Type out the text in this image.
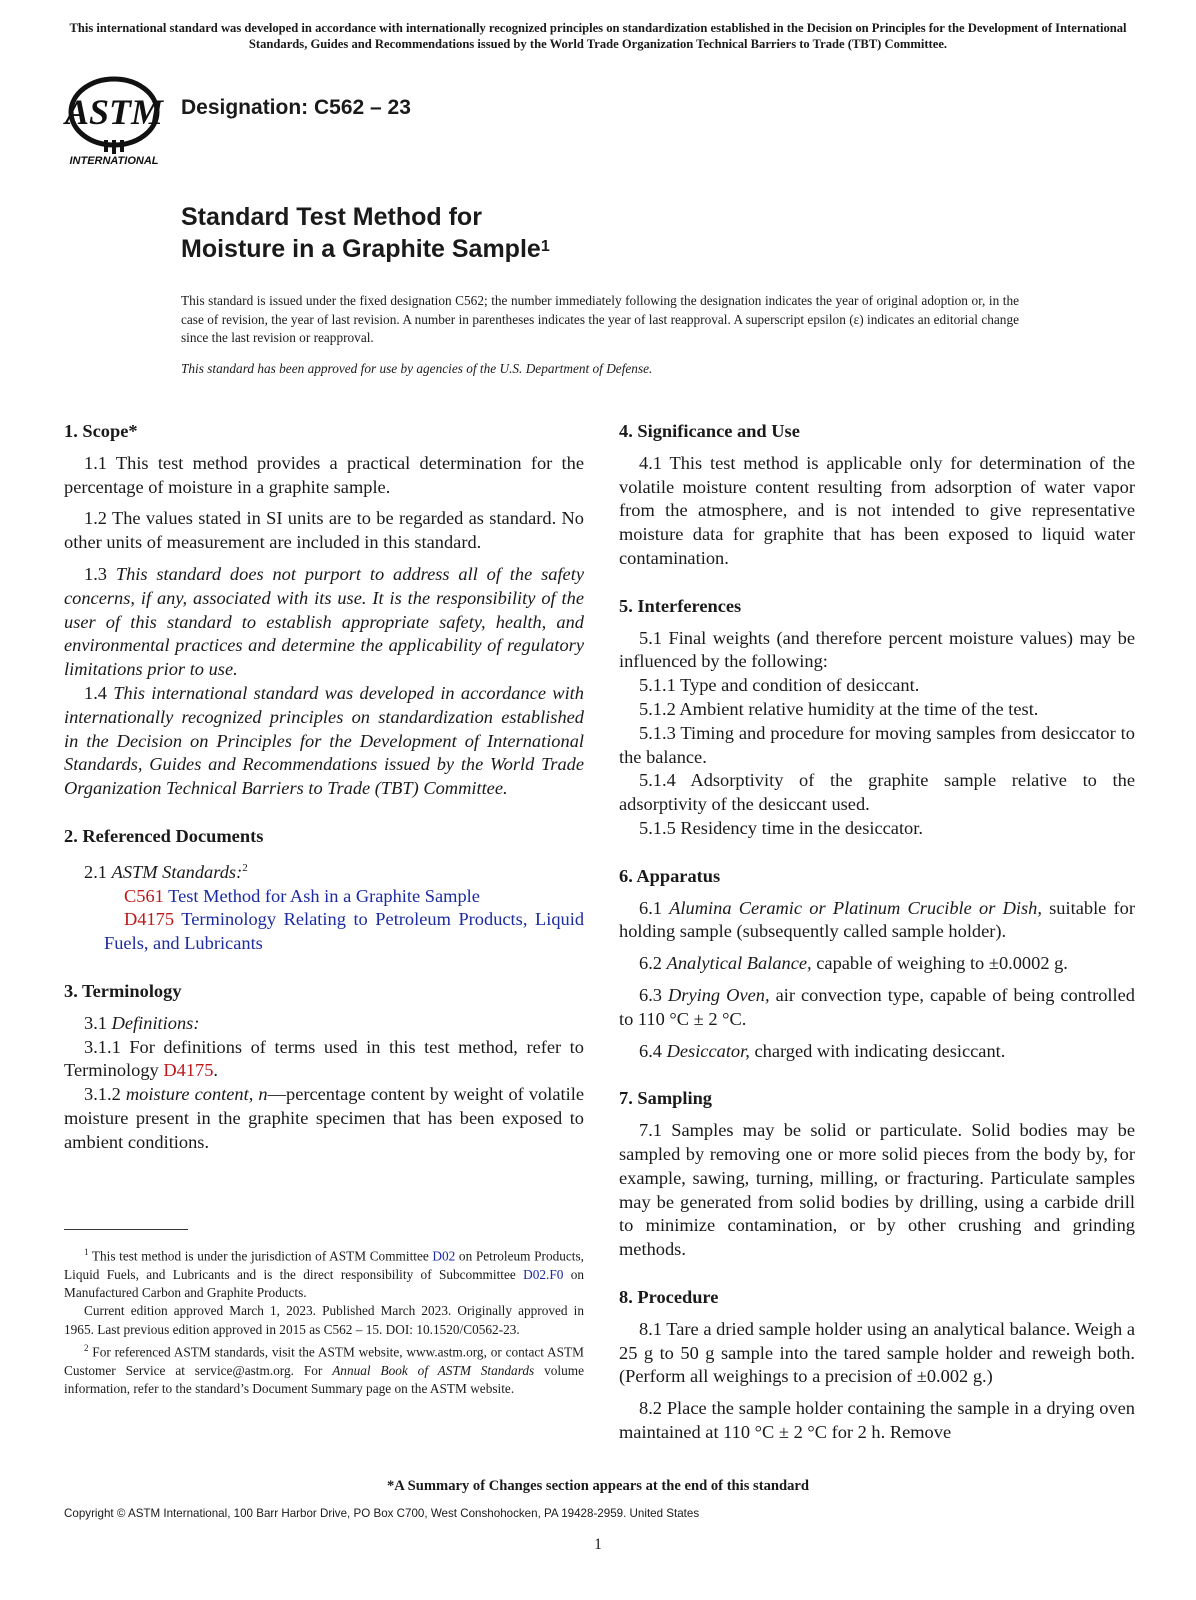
This international standard was developed in accordance with internationally recognized principles on standardization established in the Decision on Principles for the Development of International Standards, Guides and Recommendations issued by the World Trade Organization Technical Barriers to Trade (TBT) Committee.
ASTM
INTERNATIONAL
Designation: C562 – 23
Standard Test Method for
Moisture in a Graphite Sample$^1$
This standard is issued under the fixed designation C562; the number immediately following the designation indicates the year of original adoption or, in the case of revision, the year of last revision. A number in parentheses indicates the year of last reapproval. A superscript epsilon (ε) indicates an editorial change since the last revision or reapproval.
This standard has been approved for use by agencies of the U.S. Department of Defense.
1. Scope*

1.1 This test method provides a practical determination for the percentage of moisture in a graphite sample.

1.2 The values stated in SI units are to be regarded as standard. No other units of measurement are included in this standard.

1.3 This standard does not purport to address all of the safety concerns, if any, associated with its use. It is the responsibility of the user of this standard to establish appropriate safety, health, and environmental practices and determine the applicability of regulatory limitations prior to use.

1.4 This international standard was developed in accordance with internationally recognized principles on standardization established in the Decision on Principles for the Development of International Standards, Guides and Recommendations issued by the World Trade Organization Technical Barriers to Trade (TBT) Committee.

2. Referenced Documents

2.1 ASTM Standards:$^2$

C561 Test Method for Ash in a Graphite Sample

D4175 Terminology Relating to Petroleum Products, Liquid Fuels, and Lubricants

3. Terminology

3.1 Definitions:

3.1.1 For definitions of terms used in this test method, refer to Terminology D4175.

3.1.2 moisture content, n—percentage content by weight of volatile moisture present in the graphite specimen that has been exposed to ambient conditions.

4. Significance and Use

4.1 This test method is applicable only for determination of the volatile moisture content resulting from adsorption of water vapor from the atmosphere, and is not intended to give representative moisture data for graphite that has been exposed to liquid water contamination.

5. Interferences

5.1 Final weights (and therefore percent moisture values) may be influenced by the following:

5.1.1 Type and condition of desiccant.

5.1.2 Ambient relative humidity at the time of the test.

5.1.3 Timing and procedure for moving samples from desiccator to the balance.

5.1.4 Adsorptivity of the graphite sample relative to the adsorptivity of the desiccant used.

5.1.5 Residency time in the desiccator.

6. Apparatus

6.1 Alumina Ceramic or Platinum Crucible or Dish, suitable for holding sample (subsequently called sample holder).

6.2 Analytical Balance, capable of weighing to ±0.0002 g.

6.3 Drying Oven, air convection type, capable of being controlled to 110 °C ± 2 °C.

6.4 Desiccator, charged with indicating desiccant.

7. Sampling

7.1 Samples may be solid or particulate. Solid bodies may be sampled by removing one or more solid pieces from the body by, for example, sawing, turning, milling, or fracturing. Particulate samples may be generated from solid bodies by drilling, using a carbide drill to minimize contamination, or by other crushing and grinding methods.

8. Procedure

8.1 Tare a dried sample holder using an analytical balance. Weigh a 25 g to 50 g sample into the tared sample holder and reweigh both. (Perform all weighings to a precision of ±0.002 g.)

8.2 Place the sample holder containing the sample in a drying oven maintained at 110 °C ± 2 °C for 2 h. Remove

$^1$ This test method is under the jurisdiction of ASTM Committee D02 on Petroleum Products, Liquid Fuels, and Lubricants and is the direct responsibility of Subcommittee D02.F0 on Manufactured Carbon and Graphite Products.

Current edition approved March 1, 2023. Published March 2023. Originally approved in 1965. Last previous edition approved in 2015 as C562 – 15. DOI: 10.1520/C0562-23.

$^2$ For referenced ASTM standards, visit the ASTM website, www.astm.org, or contact ASTM Customer Service at service@astm.org. For Annual Book of ASTM Standards volume information, refer to the standard’s Document Summary page on the ASTM website.

*A Summary of Changes section appears at the end of this standard
Copyright © ASTM International, 100 Barr Harbor Drive, PO Box C700, West Conshohocken, PA 19428-2959. United States
1
